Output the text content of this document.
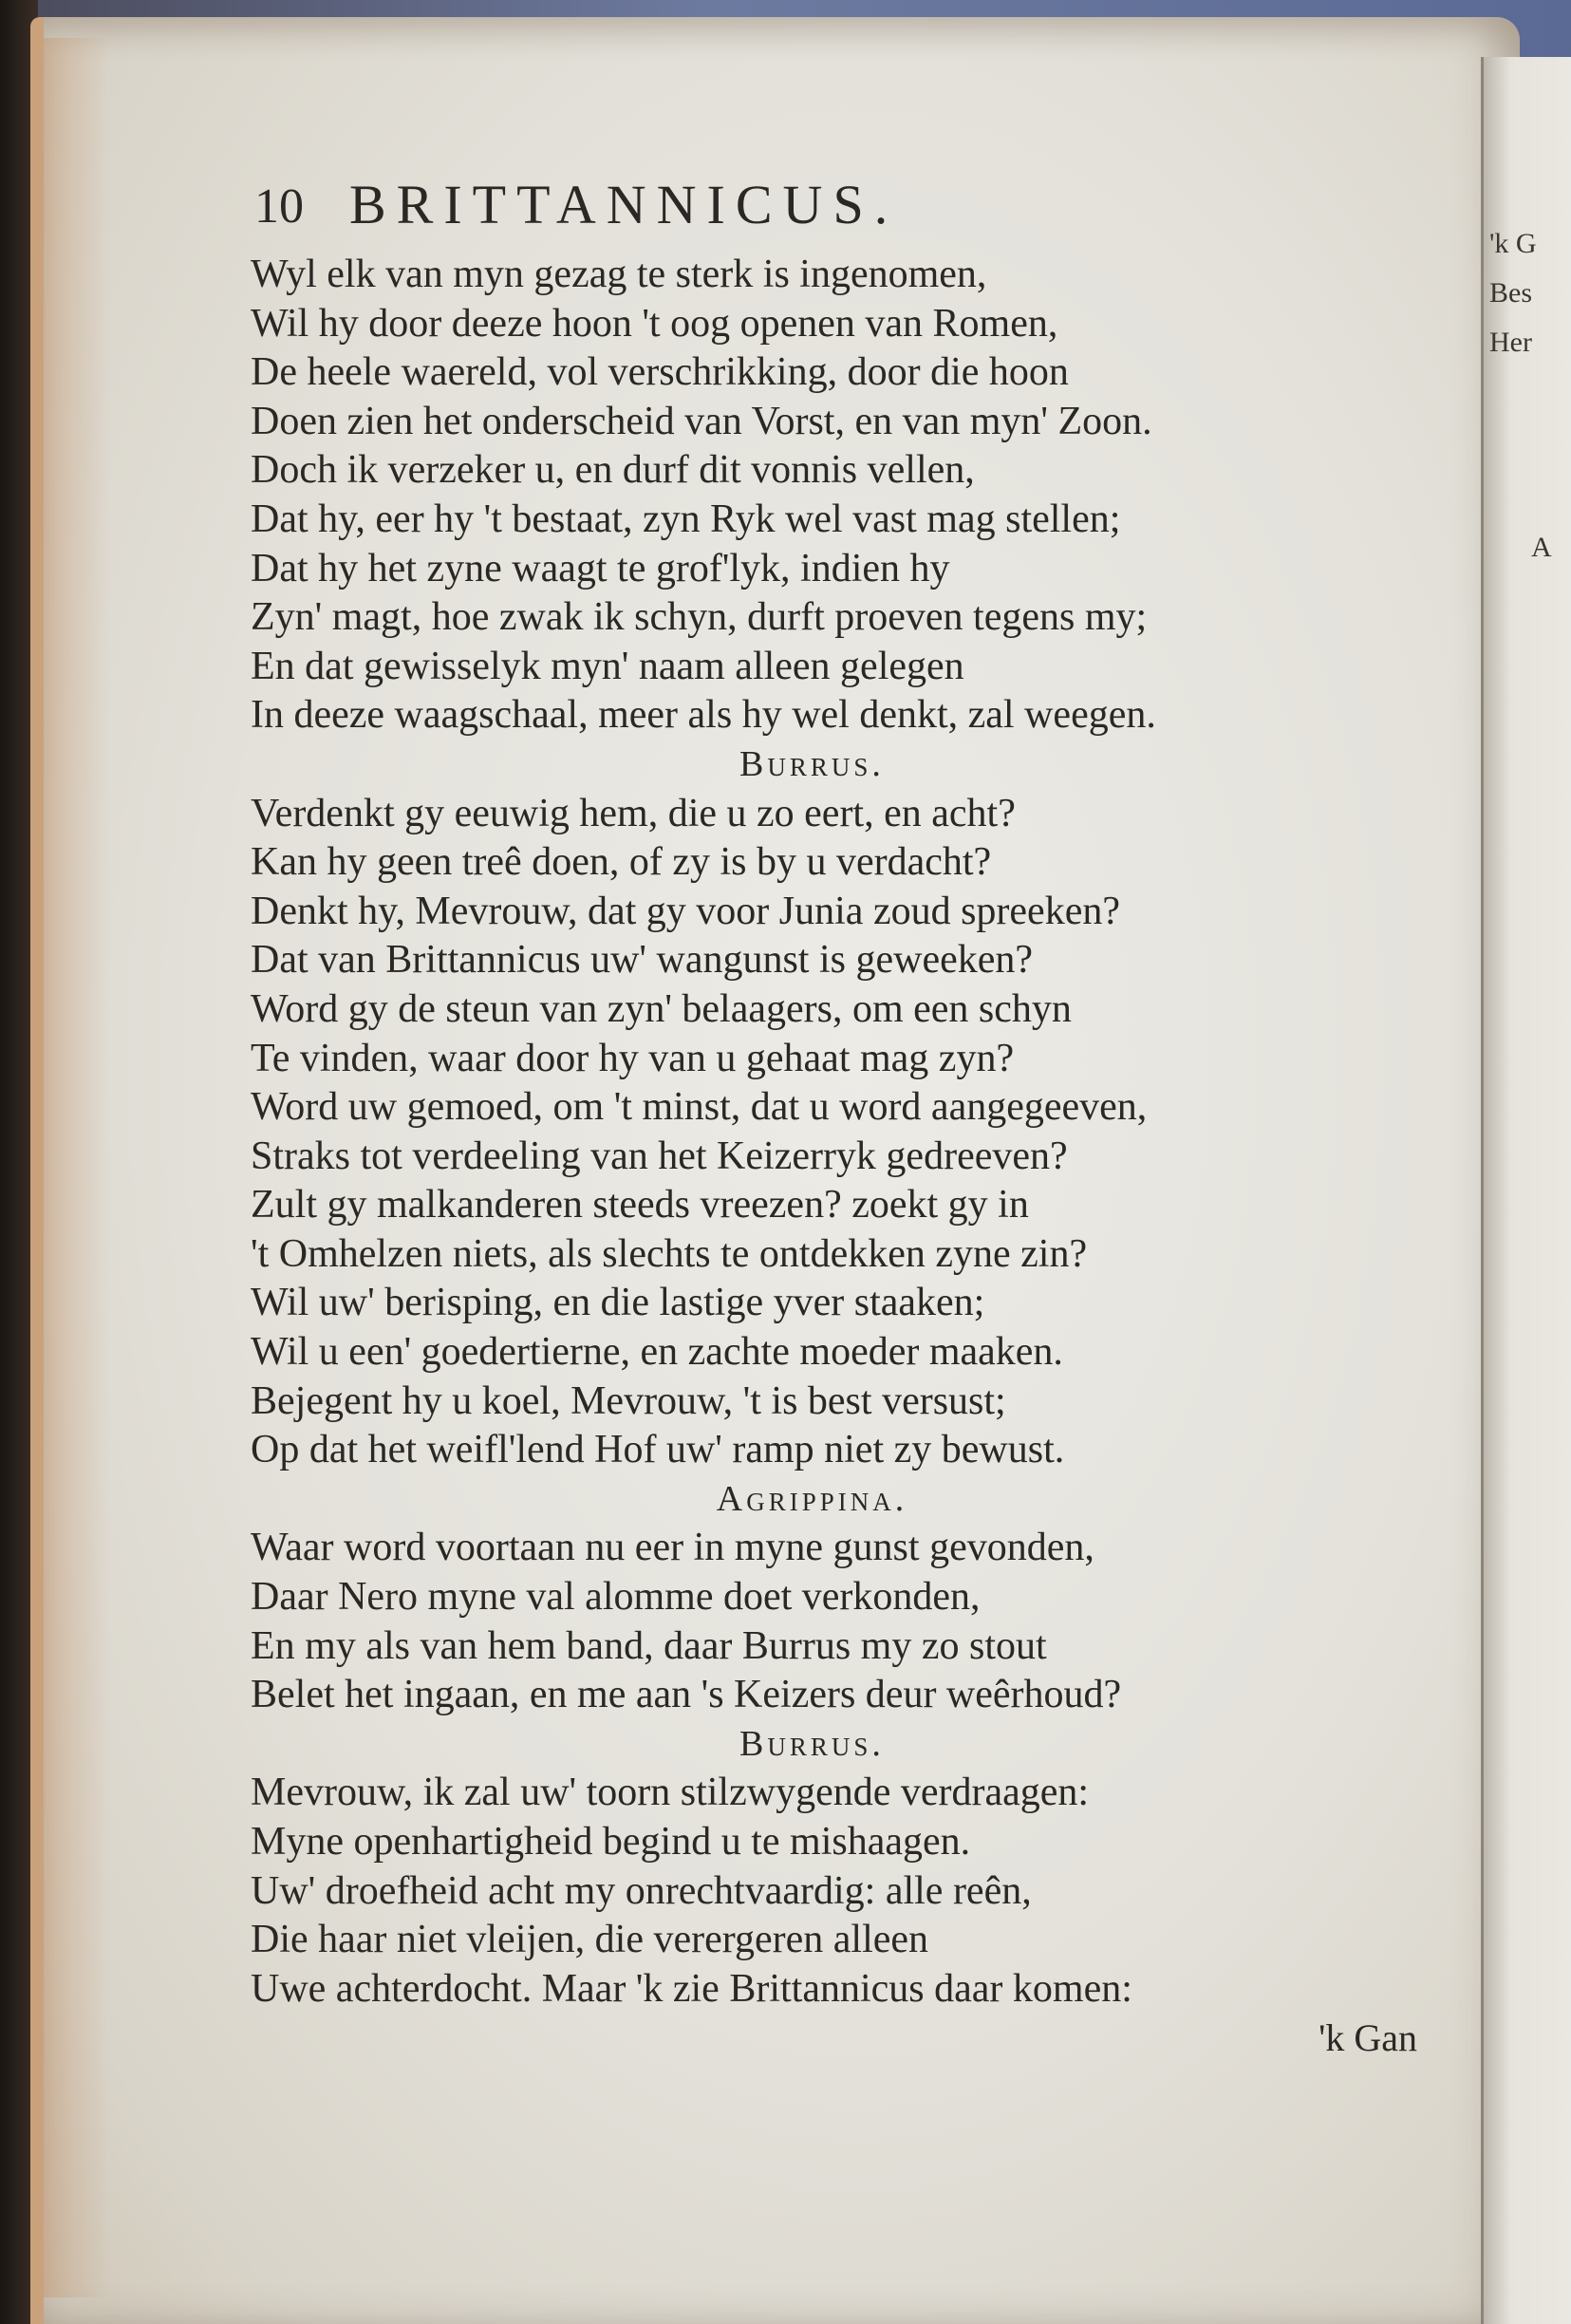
'k G
Bes
Her
A
10 BRITTANNICUS.
Wyl elk van myn gezag te sterk is ingenomen,
Wil hy door deeze hoon 't oog openen van Romen,
De heele waereld, vol verschrikking, door die hoon
Doen zien het onderscheid van Vorst, en van myn' Zoon.
Doch ik verzeker u, en durf dit vonnis vellen,
Dat hy, eer hy 't bestaat, zyn Ryk wel vast mag stellen;
Dat hy het zyne waagt te grof'lyk, indien hy
Zyn' magt, hoe zwak ik schyn, durft proeven tegens my;
En dat gewisselyk myn' naam alleen gelegen
In deeze waagschaal, meer als hy wel denkt, zal weegen.
Burrus.
Verdenkt gy eeuwig hem, die u zo eert, en acht?
Kan hy geen treê doen, of zy is by u verdacht?
Denkt hy, Mevrouw, dat gy voor Junia zoud spreeken?
Dat van Brittannicus uw' wangunst is geweeken?
Word gy de steun van zyn' belaagers, om een schyn
Te vinden, waar door hy van u gehaat mag zyn?
Word uw gemoed, om 't minst, dat u word aangegeeven,
Straks tot verdeeling van het Keizerryk gedreeven?
Zult gy malkanderen steeds vreezen? zoekt gy in
't Omhelzen niets, als slechts te ontdekken zyne zin?
Wil uw' berisping, en die lastige yver staaken;
Wil u een' goedertierne, en zachte moeder maaken.
Bejegent hy u koel, Mevrouw, 't is best versust;
Op dat het weifl'lend Hof uw' ramp niet zy bewust.
Agrippina.
Waar word voortaan nu eer in myne gunst gevonden,
Daar Nero myne val alomme doet verkonden,
En my als van hem band, daar Burrus my zo stout
Belet het ingaan, en me aan 's Keizers deur weêrhoud?
Burrus.
Mevrouw, ik zal uw' toorn stilzwygende verdraagen:
Myne openhartigheid begind u te mishaagen.
Uw' droefheid acht my onrechtvaardig: alle reên,
Die haar niet vleijen, die verergeren alleen
Uwe achterdocht. Maar 'k zie Brittannicus daar komen:
'k Gan
